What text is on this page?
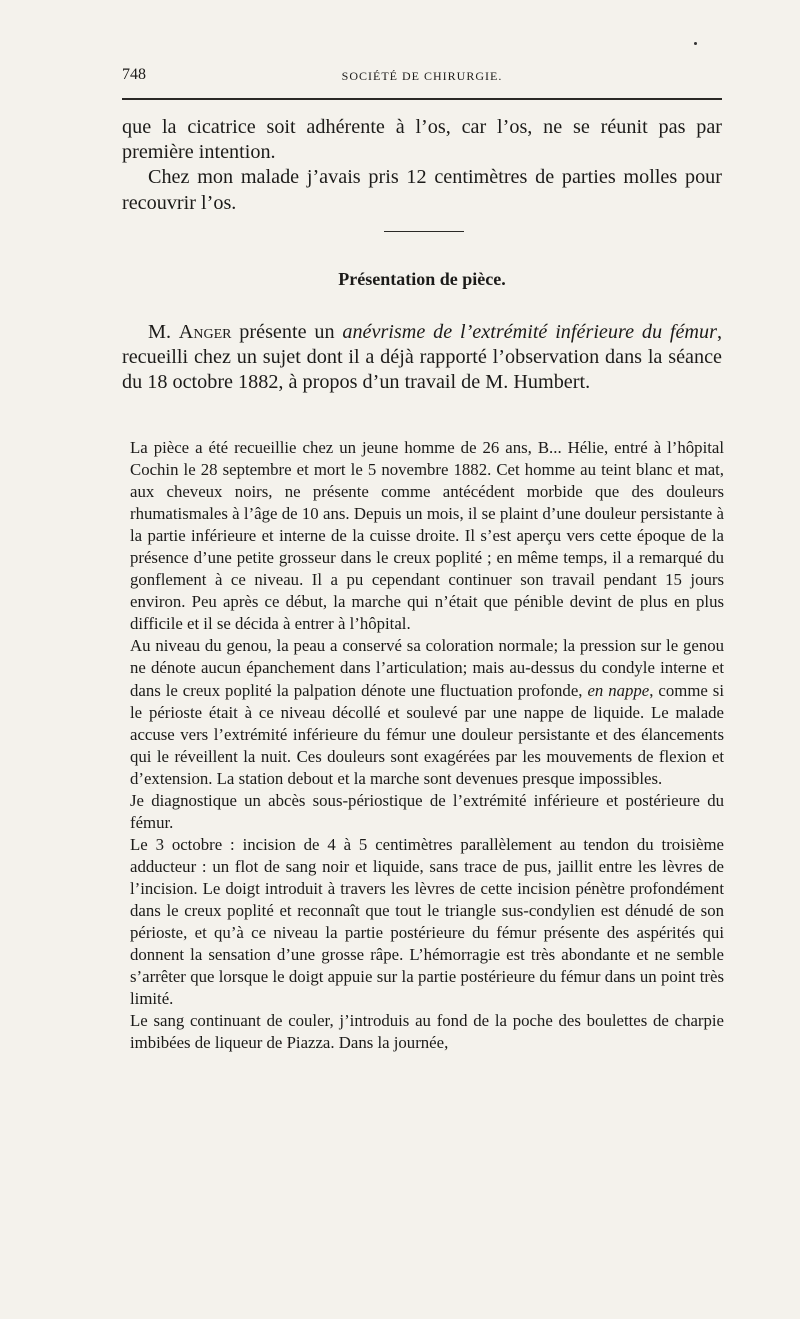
748	SOCIÉTÉ DE CHIRURGIE.

que la cicatrice soit adhérente à l’os, car l’os, ne se réunit pas par première intention.

Chez mon malade j’avais pris 12 centimètres de parties molles pour recouvrir l’os.

Présentation de pièce.

M. Anger présente un anévrisme de l’extrémité inférieure du fémur, recueilli chez un sujet dont il a déjà rapporté l’observation dans la séance du 18 octobre 1882, à propos d’un travail de M. Humbert.

La pièce a été recueillie chez un jeune homme de 26 ans, B... Hélie, entré à l’hôpital Cochin le 28 septembre et mort le 5 novembre 1882. Cet homme au teint blanc et mat, aux cheveux noirs, ne présente comme antécédent morbide que des douleurs rhumatismales à l’âge de 10 ans. Depuis un mois, il se plaint d’une douleur persistante à la partie inférieure et interne de la cuisse droite. Il s’est aperçu vers cette époque de la présence d’une petite grosseur dans le creux poplité ; en même temps, il a remarqué du gonflement à ce niveau. Il a pu cependant continuer son travail pendant 15 jours environ. Peu après ce début, la marche qui n’était que pénible devint de plus en plus difficile et il se décida à entrer à l’hôpital.

Au niveau du genou, la peau a conservé sa coloration normale; la pression sur le genou ne dénote aucun épanchement dans l’articulation; mais au-dessus du condyle interne et dans le creux poplité la palpation dénote une fluctuation profonde, en nappe, comme si le périoste était à ce niveau décollé et soulevé par une nappe de liquide. Le malade accuse vers l’extrémité inférieure du fémur une douleur persistante et des élancements qui le réveillent la nuit. Ces douleurs sont exagérées par les mouvements de flexion et d’extension. La station debout et la marche sont devenues presque impossibles.

Je diagnostique un abcès sous-périostique de l’extrémité inférieure et postérieure du fémur.

Le 3 octobre : incision de 4 à 5 centimètres parallèlement au tendon du troisième adducteur : un flot de sang noir et liquide, sans trace de pus, jaillit entre les lèvres de l’incision. Le doigt introduit à travers les lèvres de cette incision pénètre profondément dans le creux poplité et reconnaît que tout le triangle sus-condylien est dénudé de son périoste, et qu’à ce niveau la partie postérieure du fémur présente des aspérités qui donnent la sensation d’une grosse râpe. L’hémorragie est très abondante et ne semble s’arrêter que lorsque le doigt appuie sur la partie postérieure du fémur dans un point très limité.

Le sang continuant de couler, j’introduis au fond de la poche des boulettes de charpie imbibées de liqueur de Piazza. Dans la journée,
